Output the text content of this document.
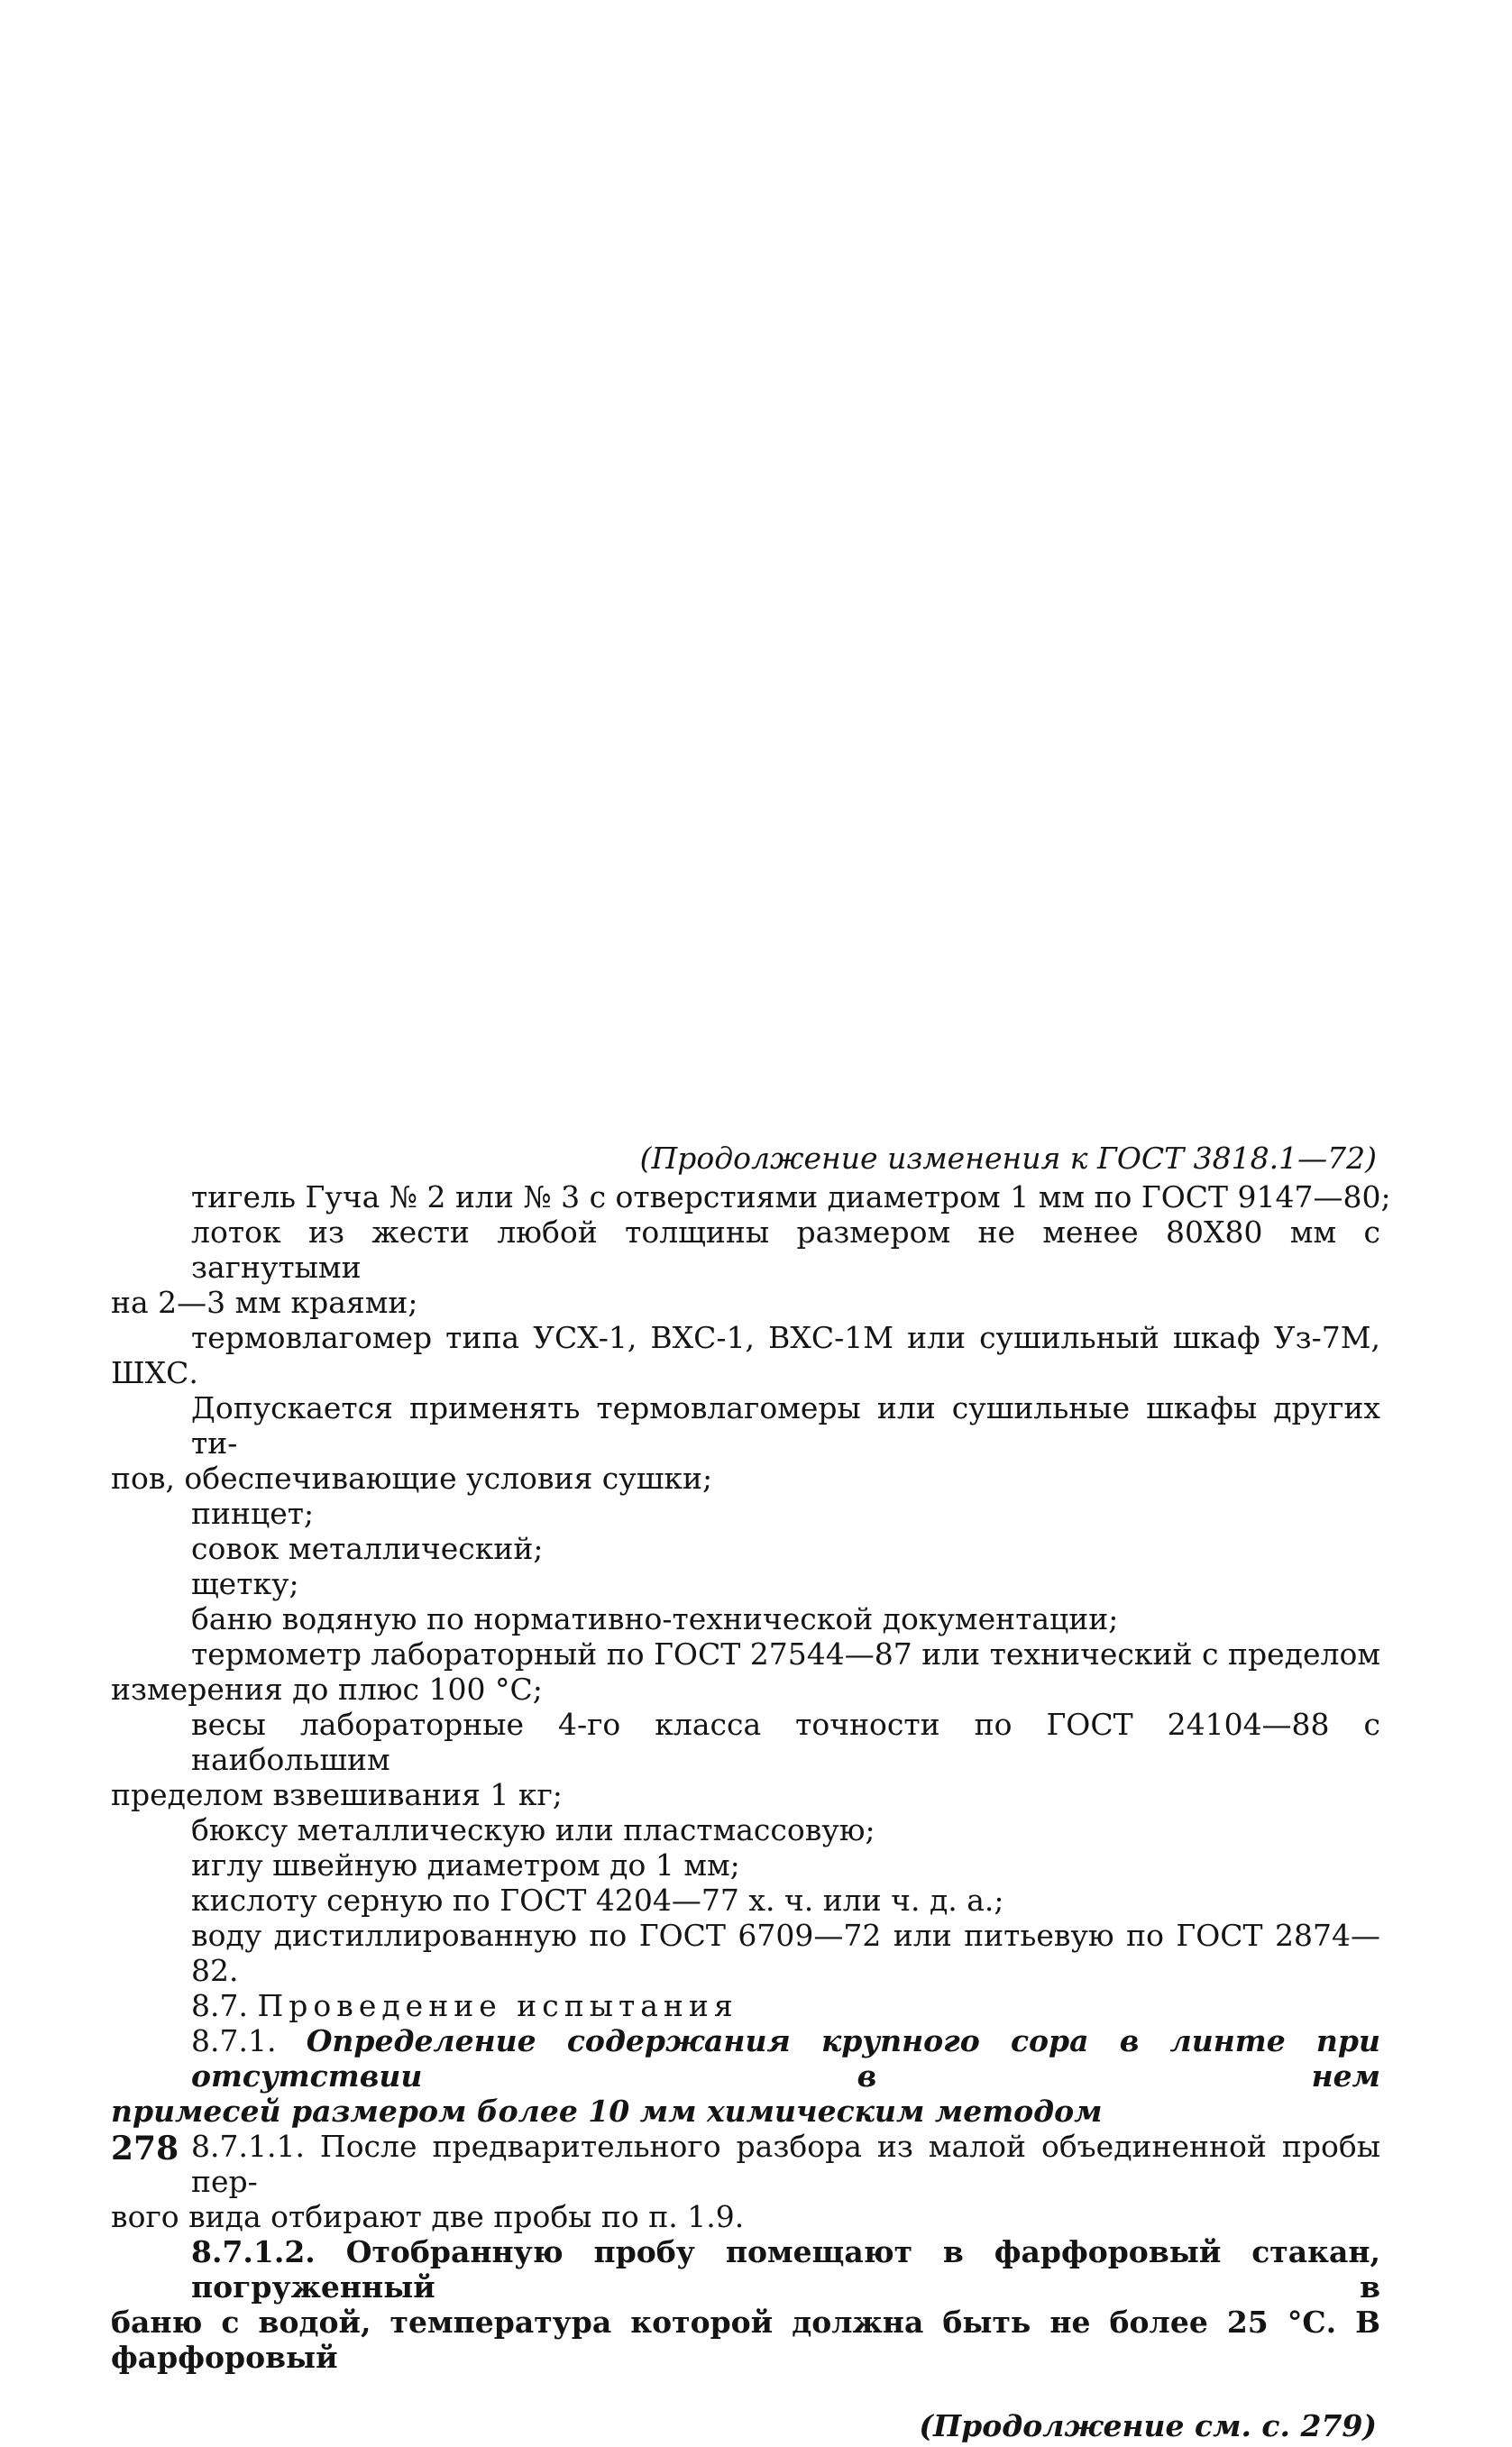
(Продолжение изменения к ГОСТ 3818.1—72)
тигель Гуча № 2 или № 3 с отверстиями диаметром 1 мм по ГОСТ 9147—80;
лоток из жести любой толщины размером не менее 80Х80 мм с загнутыми
на 2—3 мм краями;
термовлагомер типа УСХ-1, ВХС-1, ВХС-1М или сушильный шкаф Уз-7М,
ШХС.
Допускается применять термовлагомеры или сушильные шкафы других ти-
пов, обеспечивающие условия сушки;
пинцет;
совок металлический;
щетку;
баню водяную по нормативно-технической документации;
термометр лабораторный по ГОСТ 27544—87 или технический с пределом
измерения до плюс 100 °С;
весы лабораторные 4-го класса точности по ГОСТ 24104—88 с наибольшим
пределом взвешивания 1 кг;
бюксу металлическую или пластмассовую;
иглу швейную диаметром до 1 мм;
кислоту серную по ГОСТ 4204—77 х. ч. или ч. д. а.;
воду дистиллированную по ГОСТ 6709—72 или питьевую по ГОСТ 2874—82.
8.7. Проведение испытания
8.7.1. Определение содержания крупного сора в линте при отсутствии в нем
примесей размером более 10 мм химическим методом
8.7.1.1. После предварительного разбора из малой объединенной пробы пер-
вого вида отбирают две пробы по п. 1.9.
8.7.1.2. Отобранную пробу помещают в фарфоровый стакан, погруженный в
баню с водой, температура которой должна быть не более 25 °С. В фарфоровый
(Продолжение см. с. 279)
278
